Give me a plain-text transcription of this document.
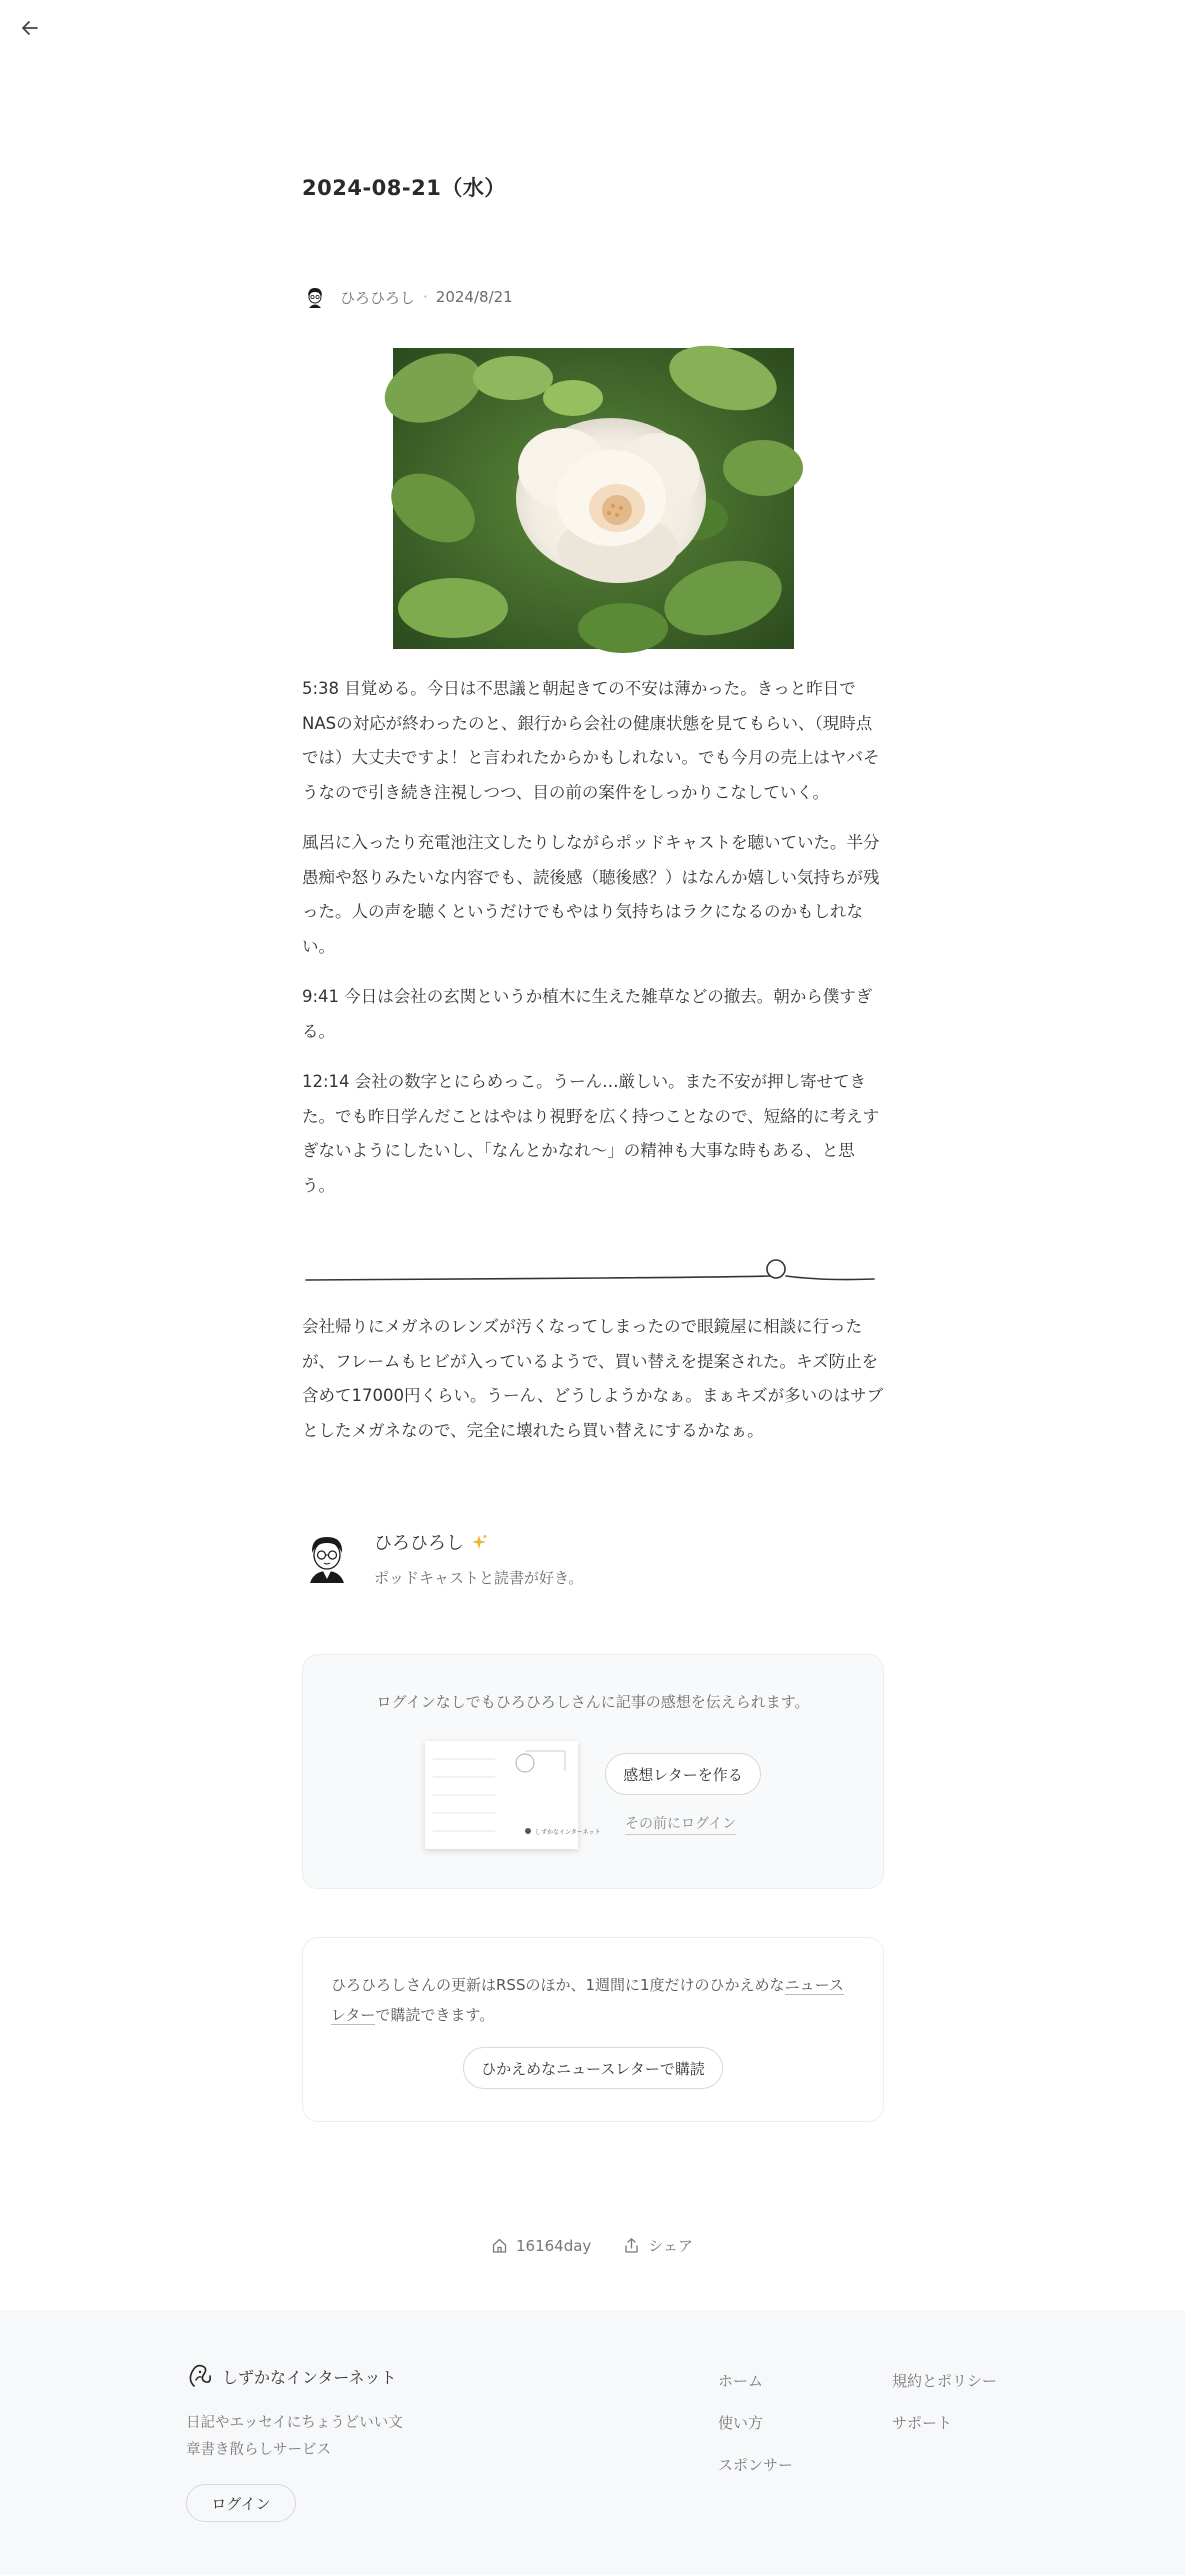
2024-08-21（水）
ひろひろし · 2024/8/21

5:38 目覚める。今日は不思議と朝起きての不安は薄かった。きっと昨日でNASの対応が終わったのと、銀行から会社の健康状態を見てもらい、（現時点では）大丈夫ですよ！と言われたからかもしれない。でも今月の売上はヤバそうなので引き続き注視しつつ、目の前の案件をしっかりこなしていく。

風呂に入ったり充電池注文したりしながらポッドキャストを聴いていた。半分愚痴や怒りみたいな内容でも、読後感（聴後感？）はなんか嬉しい気持ちが残った。人の声を聴くというだけでもやはり気持ちはラクになるのかもしれない。

9:41 今日は会社の玄関というか植木に生えた雑草などの撤去。朝から僕すぎる。

12:14 会社の数字とにらめっこ。うーん…厳しい。また不安が押し寄せてきた。でも昨日学んだことはやはり視野を広く持つことなので、短絡的に考えすぎないようにしたいし、「なんとかなれ〜」の精神も大事な時もある、と思う。

会社帰りにメガネのレンズが汚くなってしまったので眼鏡屋に相談に行ったが、フレームもヒビが入っているようで、買い替えを提案された。キズ防止を含めて17000円くらい。うーん、どうしようかなぁ。まぁキズが多いのはサブとしたメガネなので、完全に壊れたら買い替えにするかなぁ。

ひろひろし
ポッドキャストと読書が好き。
ログインなしでもひろひろしさんに記事の感想を伝えられます。
しずかなインターネット
感想レターを作る
その前にログイン
ひろひろしさんの更新はRSSのほか、1週間に1度だけのひかえめなニュースレターで購読できます。
ひかえめなニュースレターで購読
16164day	シェア
しずかなインターネット
日記やエッセイにちょうどいい文章書き散らしサービス
ログイン
ホーム
使い方
スポンサー
規約とポリシー
サポート
